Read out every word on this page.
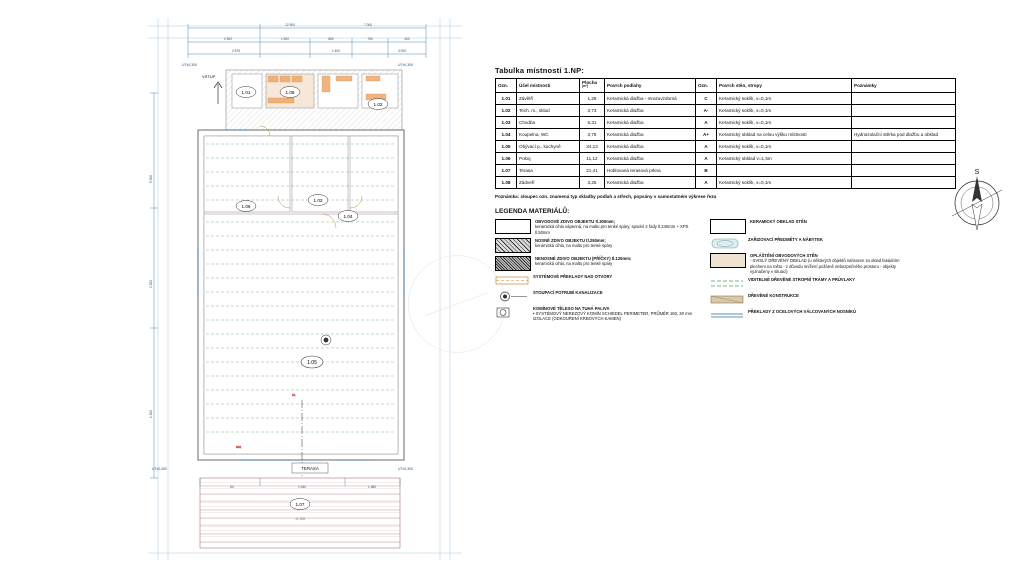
12 900	7 000
2 500	1 500	850	750	400
2 675	1 400	3 000
5 500
2 200
1 200
UT±0,300	UT±0,300
UT±0,300	UT±0,300
VSTUP
TERASA
-0,100
1.01	1.08
1.02
1.06
1.03
1.04
1.05
1.07
D2	1 250	1 380
NS1
D1
Tabulka místností 1.NP:
Ozn.	Účel místnosti	Plocha
$^{(m^2)}$	Povrch podlahy	Ozn.	Povrch stěn, stropy	Poznámky
1.01	Závětří	1,28	Keramická dlažba - mrazuvzdorná	C	Keramický soklík, v=0,1m	
1.02	Tech. m., sklad	3,73	Keramická dlažba	A-	Keramický soklík, v=0,1m	
1.03	Chodba	5,31	Keramická dlažba	A	Keramický soklík, v=0,1m	
1.04	Koupelna, WC	3,78	Keramická dlažba	A+	Keramický obklad na celou výšku místnosti	Hydroizolační stěrka pod dlažbu a obklad
1.05	Obývací p., kuchyně	34,13	Keramická dlažba	A	Keramický soklík, v=0,1m	
1.06	Pokoj	11,12	Keramická dlažba	A	Keramický obklad v=1,5m	
1.07	Terasa	21,41	Hoblovaná terasová prkna	B		
1.08	Zádveří	3,25	Keramická dlažba	A	Keramický soklík, v=0,1m	
Poznámka: sloupec ozn. znamená typ skladby podlah a střech, popsány v samostatném výkrese řezu
LEGENDA MATERIÁLŮ:
OBVODOVÉ ZDIVO OBJEKTU tl.300mm;
keramická cihla vápenná, na maltu pro tenké spáry, spodní 2 řady tl.240mm + XPS tl.50mm
NOSNÉ ZDIVO OBJEKTU tl.250mm;
keramická cihla, na maltu pro tenké spáry
NENOSNÉ ZDIVO OBJEKTU (PŘÍČKY) tl.125mm;
keramická cihla, na maltu pro tenké spáry
SYSTÉMOVÉ PŘEKLADY NAD OTVORY
STOUPACÍ POTRUBÍ KANALIZACE
KOMÍNOVÉ TĚLESO NA TUHÁ PALIVA
• SYSTÉMOVÝ NEREZOVÝ KOMÍN SCHIEDEL PERIMETER, PRŮMĚR 150, 30 mm IZOLACE (ODKOUŘENÍ KRBOVÝCH KAMEN)
KERAMICKÝ OBKLAD STĚN
ZAŘIZOVACÍ PŘEDMĚTY A NÁBYTEK
OPLÁŠTĚNÍ OBVODOVÝCH STĚN
- SVISLÝ DŘEVĚNÝ OBKLAD (u některých objektů nahrazen za oklad fasádním plechem na roštu - z důvodu snížení požárně nebezpečného prostoru - objekty vyznačeny v situaci)
VIDITELNÉ DŘEVĚNÉ STROPNÍ TRÁMY A PRŮVLAKY
DŘEVĚNÉ KONSTRUKCE
PŘEKLADY Z OCELOVÝCH VÁLCOVANÝCH NOSNÍKŮ
S
